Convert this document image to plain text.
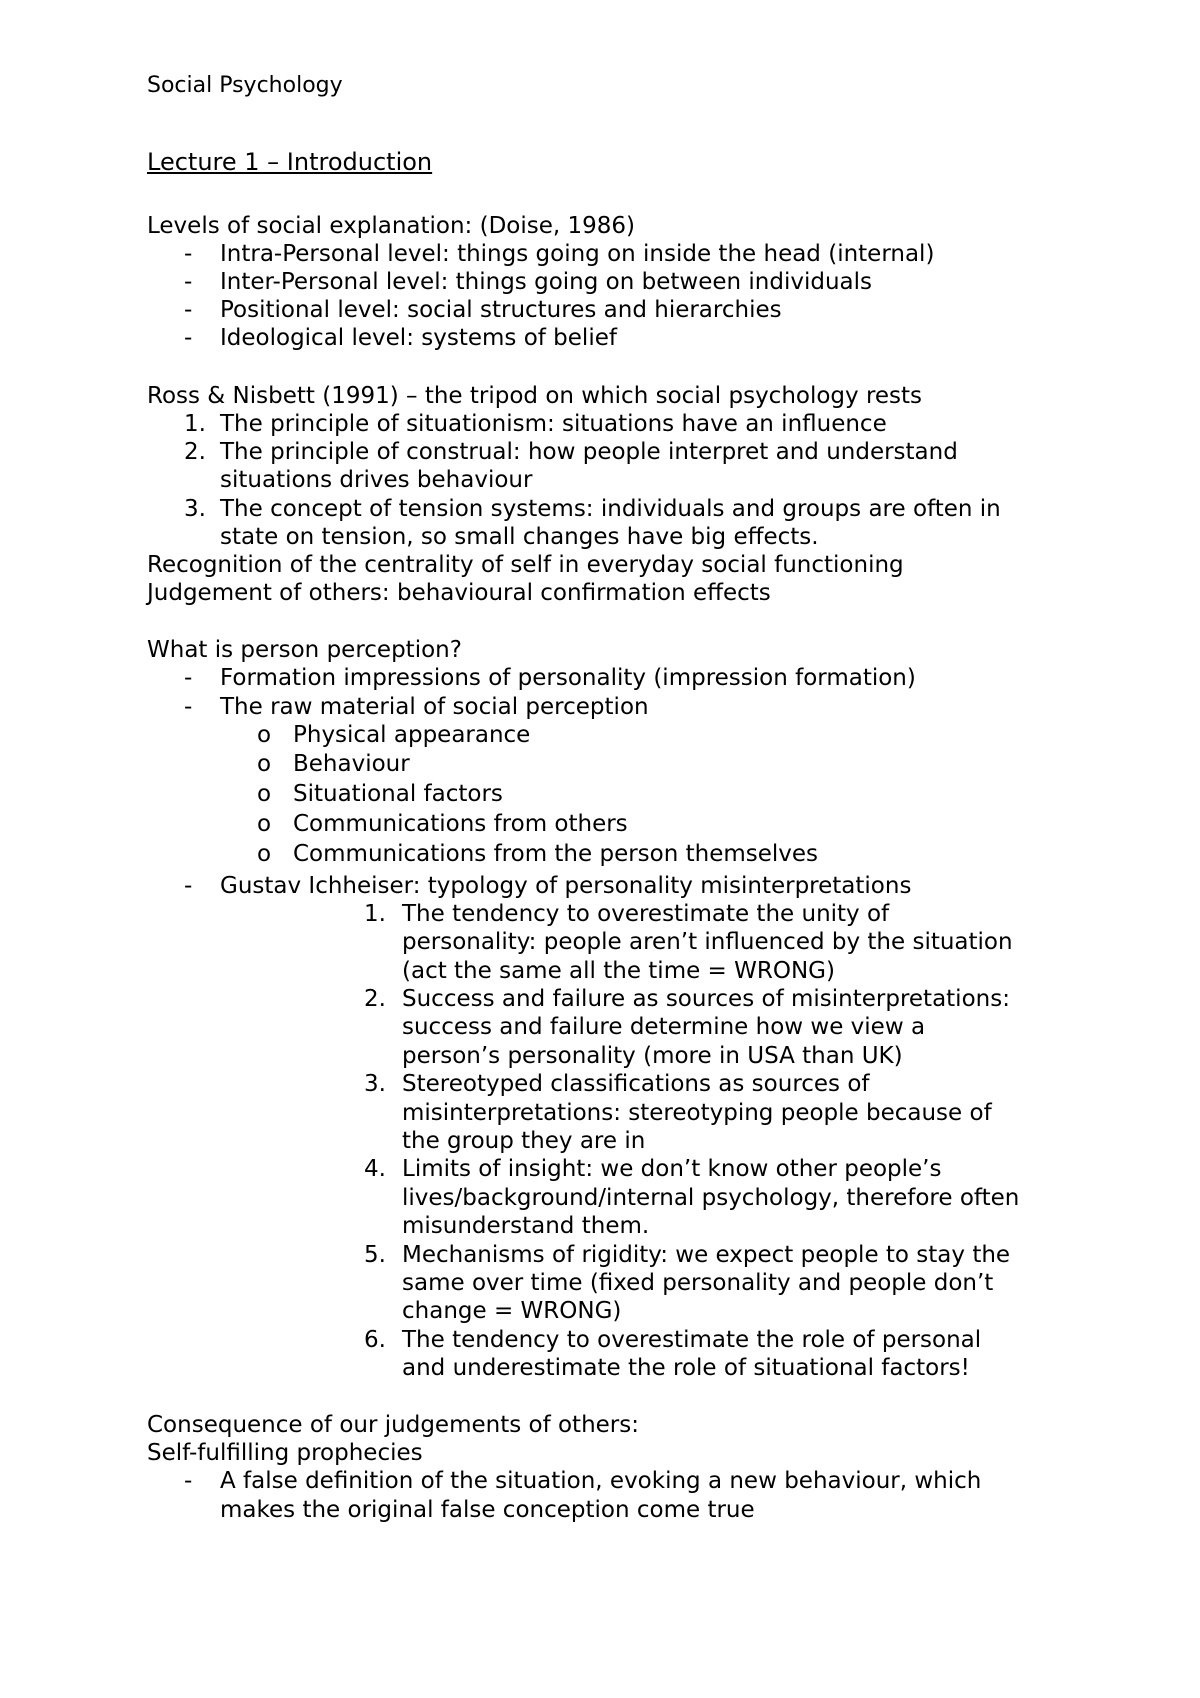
Social Psychology
Lecture 1 – Introduction
Levels of social explanation: (Doise, 1986)
- Intra-Personal level: things going on inside the head (internal)
- Inter-Personal level: things going on between individuals
- Positional level: social structures and hierarchies
- Ideological level: systems of belief
Ross & Nisbett (1991) – the tripod on which social psychology rests
1. The principle of situationism: situations have an influence
2. The principle of construal: how people interpret and understand
situations drives behaviour
3. The concept of tension systems: individuals and groups are often in
state on tension, so small changes have big effects.
Recognition of the centrality of self in everyday social functioning
Judgement of others: behavioural confirmation effects
What is person perception?
- Formation impressions of personality (impression formation)
- The raw material of social perception
o Physical appearance
o Behaviour
o Situational factors
o Communications from others
o Communications from the person themselves
- Gustav Ichheiser: typology of personality misinterpretations
1. The tendency to overestimate the unity of
personality: people aren’t influenced by the situation
(act the same all the time = WRONG)
2. Success and failure as sources of misinterpretations:
success and failure determine how we view a
person’s personality (more in USA than UK)
3. Stereotyped classifications as sources of
misinterpretations: stereotyping people because of
the group they are in
4. Limits of insight: we don’t know other people’s
lives/background/internal psychology, therefore often
misunderstand them.
5. Mechanisms of rigidity: we expect people to stay the
same over time (fixed personality and people don’t
change = WRONG)
6. The tendency to overestimate the role of personal
and underestimate the role of situational factors!
Consequence of our judgements of others:
Self-fulfilling prophecies
- A false definition of the situation, evoking a new behaviour, which
makes the original false conception come true
